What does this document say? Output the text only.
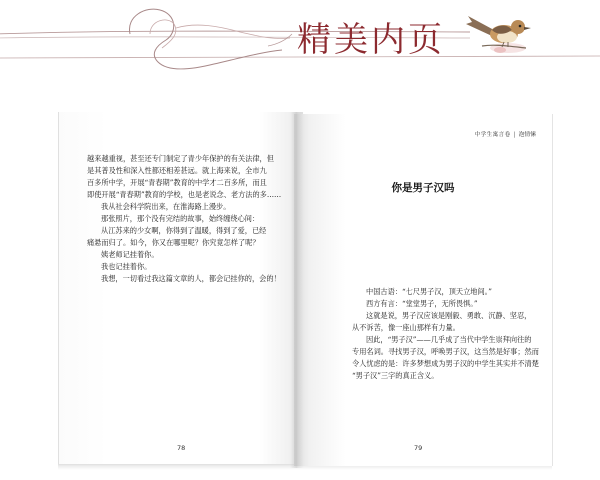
精美内页

越来越重视，甚至还专门制定了青少年保护的有关法律，但

是其普及性和深入性都还相差甚远。就上海来说，全市九

百多所中学，开展“青春期”教育的中学才二百多所，而且

即使开展“青春期”教育的学校，也是老说念、老方法的多……

我从社会科学院出来，在淮海路上漫步。

那张照片，那个没有完结的故事，始终缠绕心间：

从江苏来的少女啊，你得到了温暖，得到了爱，已经

痛悬而归了。如今，你又在哪里呢？你究竟怎样了呢？

姨老师记挂着你。

我也记挂着你。

我想，一切看过我这篇文章的人，都会记挂你的，会的！

78
中学生寓言卷 | 泡情愫
你是男子汉吗

中国古语：“七尺男子汉，顶天立地间。”

西方有言：“堂堂男子，无所畏惧。”

这就是说，男子汉应该是刚毅、勇敢、沉静、坚忍，

从不诉苦，像一座山那样有力量。

因此，“男子汉”——几乎成了当代中学生崇拜向往的

专用名词。寻找男子汉，呼唤男子汉，这当然是好事；然而

令人忧虑的是：许多梦想成为男子汉的中学生其实并不清楚

“男子汉”三字的真正含义。

79
